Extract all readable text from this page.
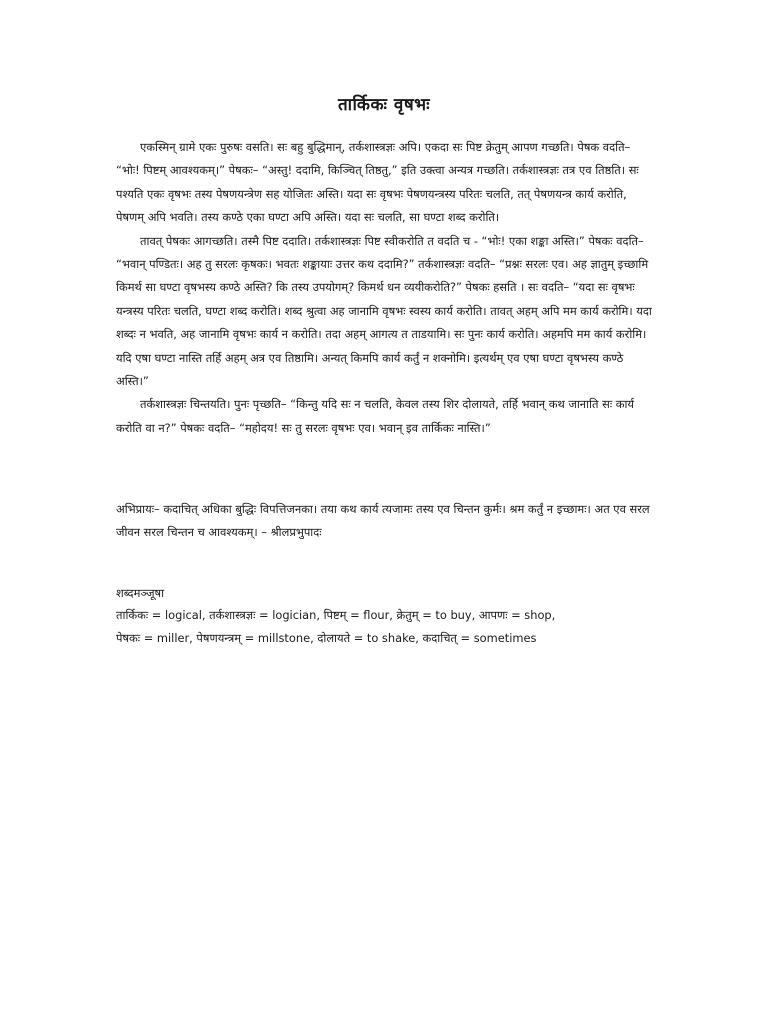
तार्किकः वृषभः

एकस्मिन् ग्रामे एकः पुरुषः वसति। सः बहु बुद्धिमान्, तर्कशास्त्रज्ञः अपि। एकदा सः पिष्ट क्रेतुम् आपण गच्छति। पेषक वदति– “भोः! पिष्टम् आवश्यकम्।” पेषकः– “अस्तु! ददामि, किञ्चित् तिष्ठतु,” इति उक्त्वा अन्यत्र गच्छति। तर्कशास्त्रज्ञः तत्र एव तिष्ठति। सः पश्यति एकः वृषभः तस्य पेषणयन्त्रेण सह योजितः अस्ति। यदा सः वृषभः पेषणयन्त्रस्य परितः चलति, तत् पेषणयन्त्र कार्य करोति, पेषणम् अपि भवति। तस्य कण्ठे एका घण्टा अपि अस्ति। यदा सः चलति, सा घण्टा शब्द करोति।

तावत् पेषकः आगच्छति। तस्मै पिष्ट ददाति। तर्कशास्त्रज्ञः पिष्ट स्वीकरोति त वदति च - “भोः! एका शङ्का अस्ति।” पेषकः वदति– “भवान् पण्डितः। अह तु सरलः कृषकः। भवतः शङ्कायाः उत्तर कथ ददामि?” तर्कशास्त्रज्ञः वदति– “प्रश्नः सरलः एव। अह ज्ञातुम् इच्छामि किमर्थ सा घण्टा वृषभस्य कण्ठे अस्ति? कि तस्य उपयोगम्? किमर्थ धन व्ययीकरोति?” पेषकः हसति । सः वदति– “यदा सः वृषभः यन्त्रस्य परितः चलति, घण्टा शब्द करोति। शब्द श्रुत्वा अह जानामि वृषभः स्वस्य कार्य करोति। तावत् अहम् अपि मम कार्य करोमि। यदा शब्दः न भवति, अह जानामि वृषभः कार्य न करोति। तदा अहम् आगत्य त ताडयामि। सः पुनः कार्य करोति। अहमपि मम कार्य करोमि। यदि एषा घण्टा नास्ति तर्हि अहम् अत्र एव तिष्ठामि। अन्यत् किमपि कार्य कर्तुं न शक्नोमि। इत्यर्थम् एव एषा घण्टा वृषभस्य कण्ठे अस्ति।”

तर्कशास्त्रज्ञः चिन्तयति। पुनः पृच्छति– “किन्तु यदि सः न चलति, केवल तस्य शिर दोलायते, तर्हि भवान् कथ जानाति सः कार्य करोति वा न?” पेषकः वदति– “महोदय! सः तु सरलः वृषभः एव। भवान् इव तार्किकः नास्ति।”

अभिप्रायः– कदाचित् अधिका बुद्धिः विपत्तिजनका। तया कथ कार्य त्यजामः तस्य एव चिन्तन कुर्मः। श्रम कर्तुं न इच्छामः। अत एव सरल जीवन सरल चिन्तन च आवश्यकम्। – श्रीलप्रभुपादः
शब्दमञ्जूषा
तार्किकः = logical, तर्कशास्त्रज्ञः = logician, पिष्टम् = flour, क्रेतुम् = to buy, आपणः = shop,
पेषकः = miller, पेषणयन्त्रम् = millstone, दोलायते = to shake, कदाचित् = sometimes
